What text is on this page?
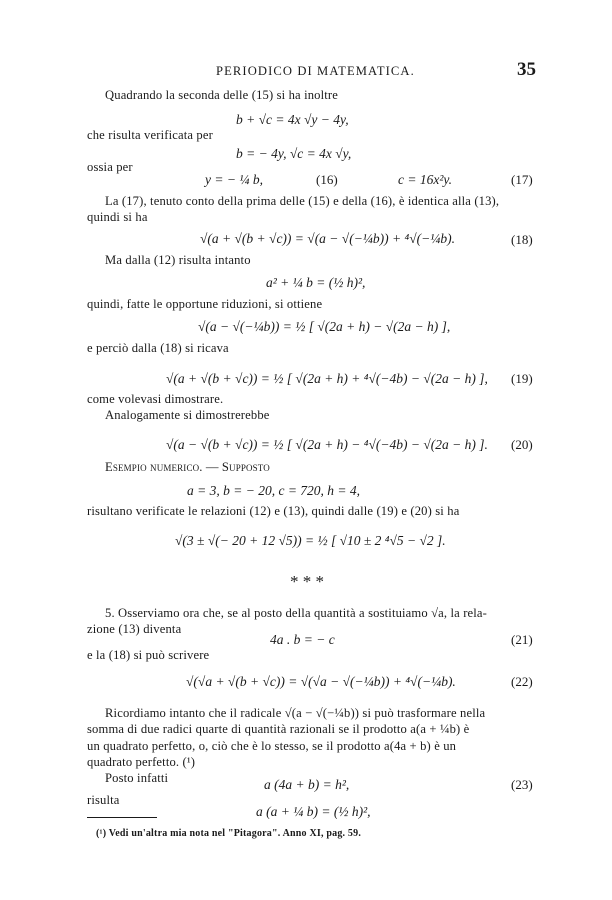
PERIODICO DI MATEMATICA.	35
Quadrando la seconda delle (15) si ha inoltre
b + √c = 4x √y − 4y,
che risulta verificata per
b = − 4y, √c = 4x √y,
ossia per
y = − ¼ b,	(16)	c = 16x²y.	(17)
La (17), tenuto conto della prima delle (15) e della (16), è identica alla (13),
quindi si ha
√(a + √(b + √c)) = √(a − √(−¼b)) + ⁴√(−¼b).	(18)
Ma dalla (12) risulta intanto
a² + ¼ b = (½ h)²,
quindi, fatte le opportune riduzioni, si ottiene
√(a − √(−¼b)) = ½ [ √(2a + h) − √(2a − h) ],
e perciò dalla (18) si ricava
√(a + √(b + √c)) = ½ [ √(2a + h) + ⁴√(−4b) − √(2a − h) ], (19)
come volevasi dimostrare.
Analogamente si dimostrerebbe
√(a − √(b + √c)) = ½ [ √(2a + h) − ⁴√(−4b) − √(2a − h) ]. (20)
Esempio numerico. — Supposto
a = 3, b = − 20, c = 720, h = 4,
risultano verificate le relazioni (12) e (13), quindi dalle (19) e (20) si ha
√(3 ± √(− 20 + 12 √5)) = ½ [ √10 ± 2 ⁴√5 − √2 ].
* * *
5. Osserviamo ora che, se al posto della quantità a sostituiamo √a, la rela-
zione (13) diventa
4a . b = − c	(21)
e la (18) si può scrivere
√(√a + √(b + √c)) = √(√a − √(−¼b)) + ⁴√(−¼b).	(22)
Ricordiamo intanto che il radicale √(a − √(−¼b)) si può trasformare nella
somma di due radici quarte di quantità razionali se il prodotto a(a + ¼b) è
un quadrato perfetto, o, ciò che è lo stesso, se il prodotto a(4a + b) è un
quadrato perfetto. (¹)
Posto infatti	a (4a + b) = h²,	(23)
risulta
a (a + ¼ b) = (½ h)²,
(¹) Vedi un'altra mia nota nel "Pitagora". Anno XI, pag. 59.
